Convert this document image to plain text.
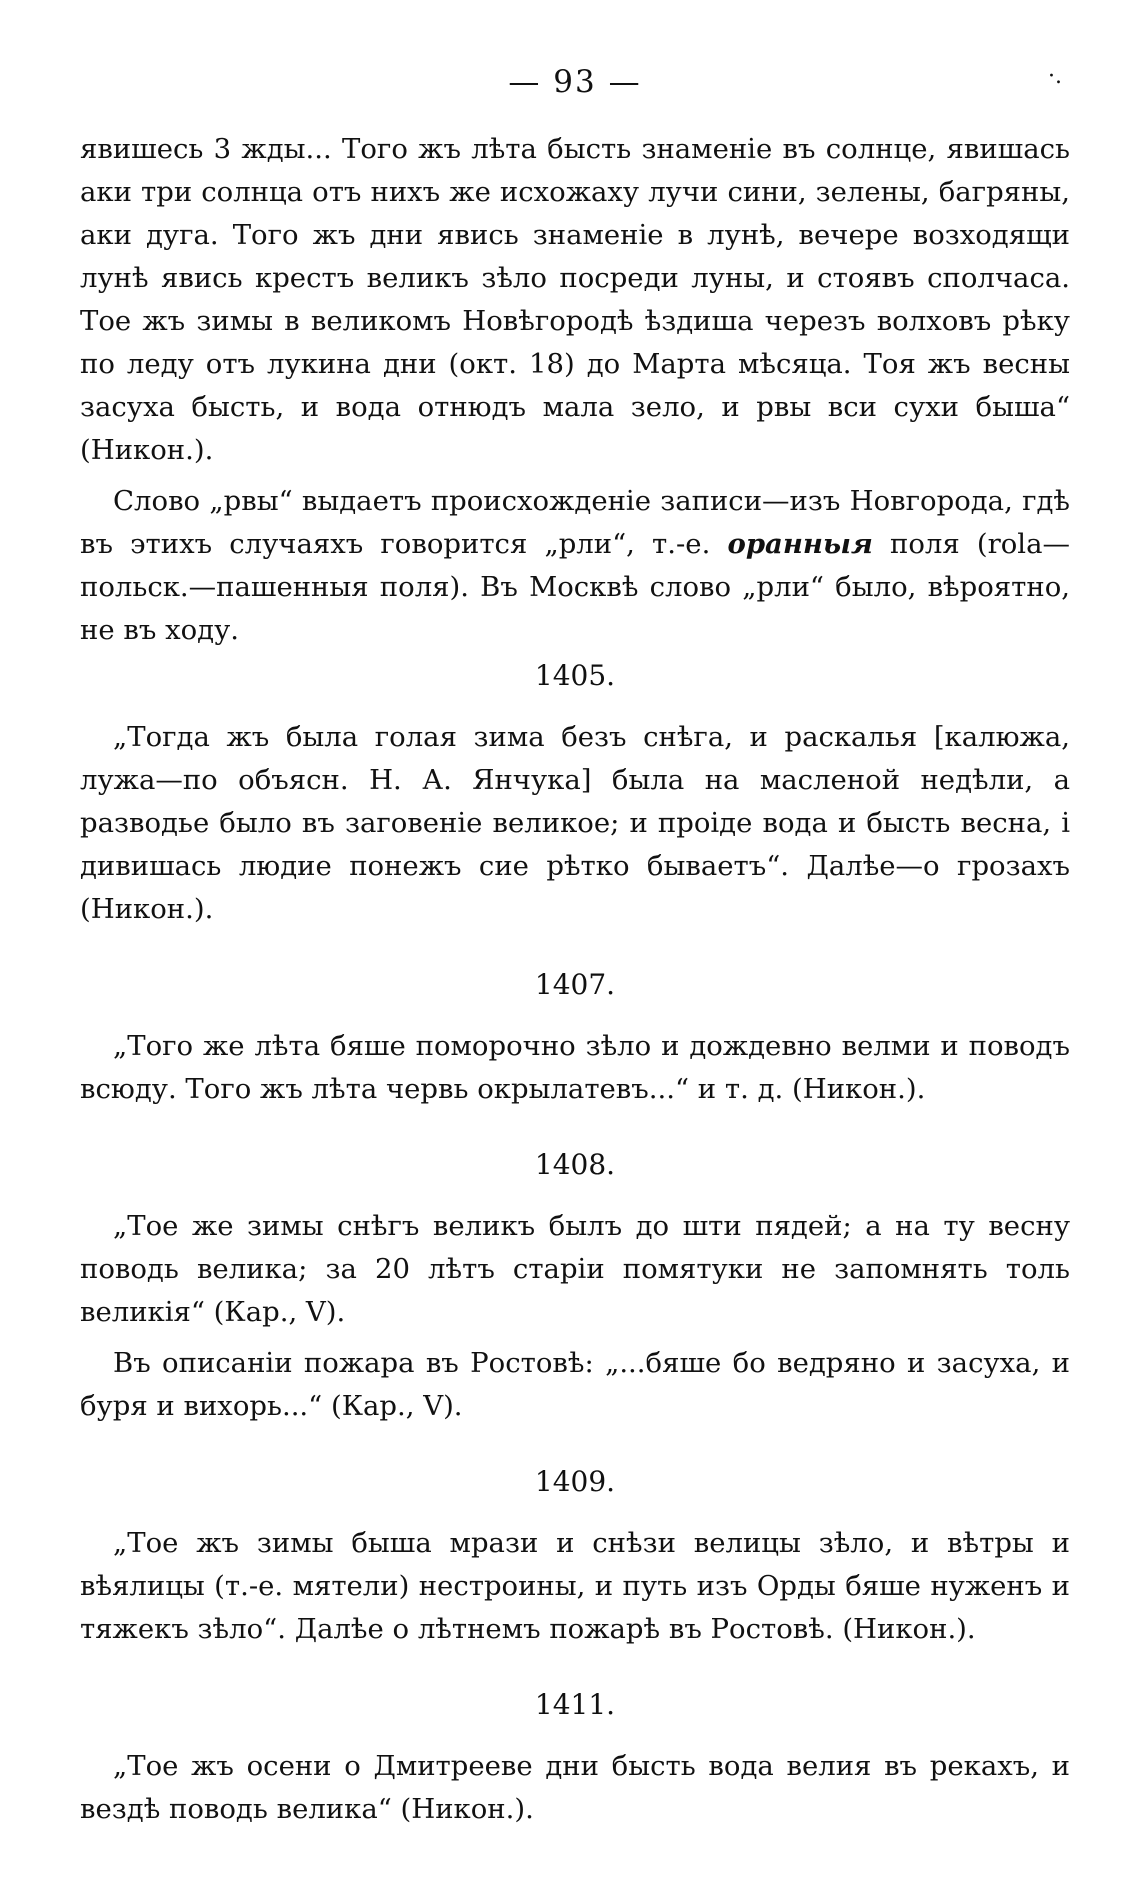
·.
— 93 —

явишесь 3 жды... Того жъ лѣта бысть знаменіе въ солнце, явишась аки три солнца отъ нихъ же исхожаху лучи сини, зелены, багряны, аки дуга. Того жъ дни явись знаменіе в лунѣ, вечере возходящи лунѣ явись крестъ великъ зѣло посреди луны, и стоявъ сполчаса. Тое жъ зимы в великомъ Новѣгородѣ ѣздиша черезъ волховъ рѣку по леду отъ лукина дни (окт. 18) до Марта мѣсяца. Тоя жъ весны засуха бысть, и вода отнюдъ мала зело, и рвы вси сухи быша“ (Никон.).

Слово „рвы“ выдаетъ происхожденіе записи—изъ Новгорода, гдѣ въ этихъ случаяхъ говорится „рли“, т.-е. оранныя поля (rola—польск.—пашенныя поля). Въ Москвѣ слово „рли“ было, вѣроятно, не въ ходу.

1405.

„Тогда жъ была голая зима безъ снѣга, и раскалья [калюжа, лужа—по объясн. Н. А. Янчука] была на масленой недѣли, а разводье было въ заговеніе великое; и проіде вода и бысть весна, і дивишась людие понежъ сие рѣтко бываетъ“. Далѣе—о грозахъ (Никон.).

1407.

„Того же лѣта бяше поморочно зѣло и дождевно велми и поводъ всюду. Того жъ лѣта червь окрылатевъ...“ и т. д. (Никон.).

1408.

„Тое же зимы снѣгъ великъ былъ до шти пядей; а на ту весну поводь велика; за 20 лѣтъ старіи помятуки не запомнять толь великія“ (Кар., V).

Въ описаніи пожара въ Ростовѣ: „...бяше бо ведряно и засуха, и буря и вихорь...“ (Кар., V).

1409.

„Тое жъ зимы быша мрази и снѣзи велицы зѣло, и вѣтры и вѣялицы (т.-е. мятели) нестроины, и путь изъ Орды бяше нуженъ и тяжекъ зѣло“. Далѣе о лѣтнемъ пожарѣ въ Ростовѣ. (Никон.).

1411.

„Тое жъ осени о Дмитрееве дни бысть вода велия въ рекахъ, и вездѣ поводь велика“ (Никон.).
